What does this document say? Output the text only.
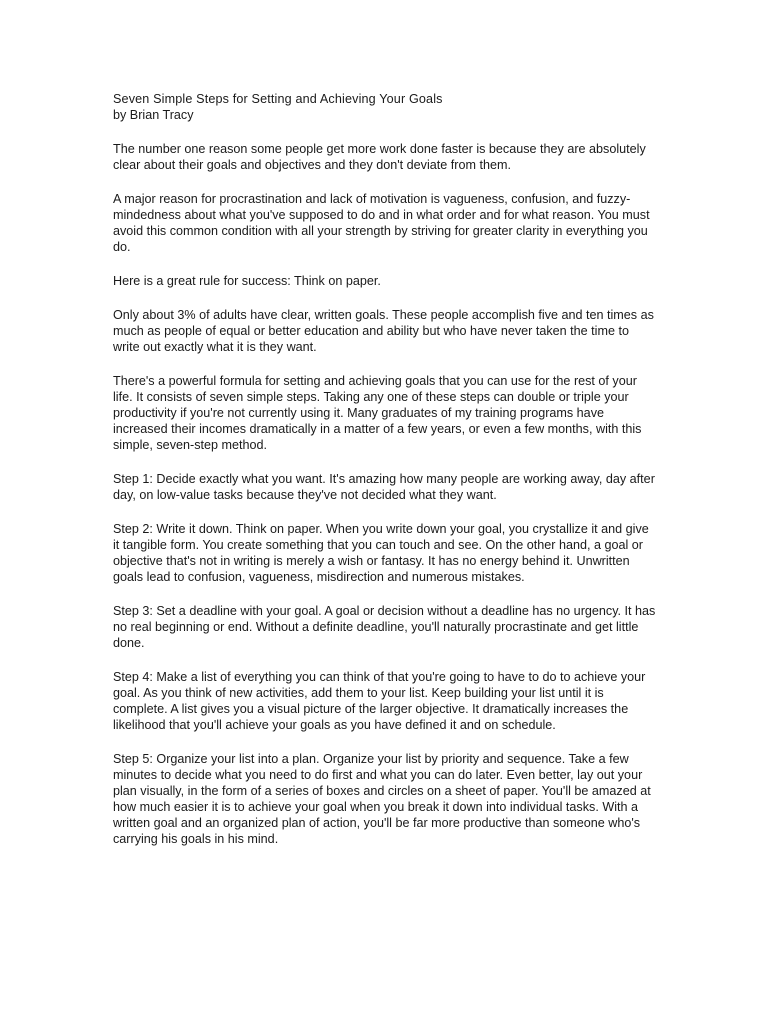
Seven Simple Steps for Setting and Achieving Your Goals
by Brian Tracy

The number one reason some people get more work done faster is because they are absolutely clear about their goals and objectives and they don't deviate from them.

A major reason for procrastination and lack of motivation is vagueness, confusion, and fuzzy-mindedness about what you've supposed to do and in what order and for what reason. You must avoid this common condition with all your strength by striving for greater clarity in everything you do.

Here is a great rule for success: Think on paper.

Only about 3% of adults have clear, written goals. These people accomplish five and ten times as much as people of equal or better education and ability but who have never taken the time to write out exactly what it is they want.

There's a powerful formula for setting and achieving goals that you can use for the rest of your life. It consists of seven simple steps. Taking any one of these steps can double or triple your productivity if you're not currently using it. Many graduates of my training programs have increased their incomes dramatically in a matter of a few years, or even a few months, with this simple, seven-step method.

Step 1: Decide exactly what you want. It's amazing how many people are working away, day after day, on low-value tasks because they've not decided what they want.

Step 2: Write it down. Think on paper. When you write down your goal, you crystallize it and give it tangible form. You create something that you can touch and see. On the other hand, a goal or objective that's not in writing is merely a wish or fantasy. It has no energy behind it. Unwritten goals lead to confusion, vagueness, misdirection and numerous mistakes.

Step 3: Set a deadline with your goal. A goal or decision without a deadline has no urgency. It has no real beginning or end. Without a definite deadline, you'll naturally procrastinate and get little done.

Step 4: Make a list of everything you can think of that you're going to have to do to achieve your goal. As you think of new activities, add them to your list. Keep building your list until it is complete. A list gives you a visual picture of the larger objective. It dramatically increases the likelihood that you'll achieve your goals as you have defined it and on schedule.

Step 5: Organize your list into a plan. Organize your list by priority and sequence. Take a few minutes to decide what you need to do first and what you can do later. Even better, lay out your plan visually, in the form of a series of boxes and circles on a sheet of paper. You'll be amazed at how much easier it is to achieve your goal when you break it down into individual tasks. With a written goal and an organized plan of action, you'll be far more productive than someone who's carrying his goals in his mind.
